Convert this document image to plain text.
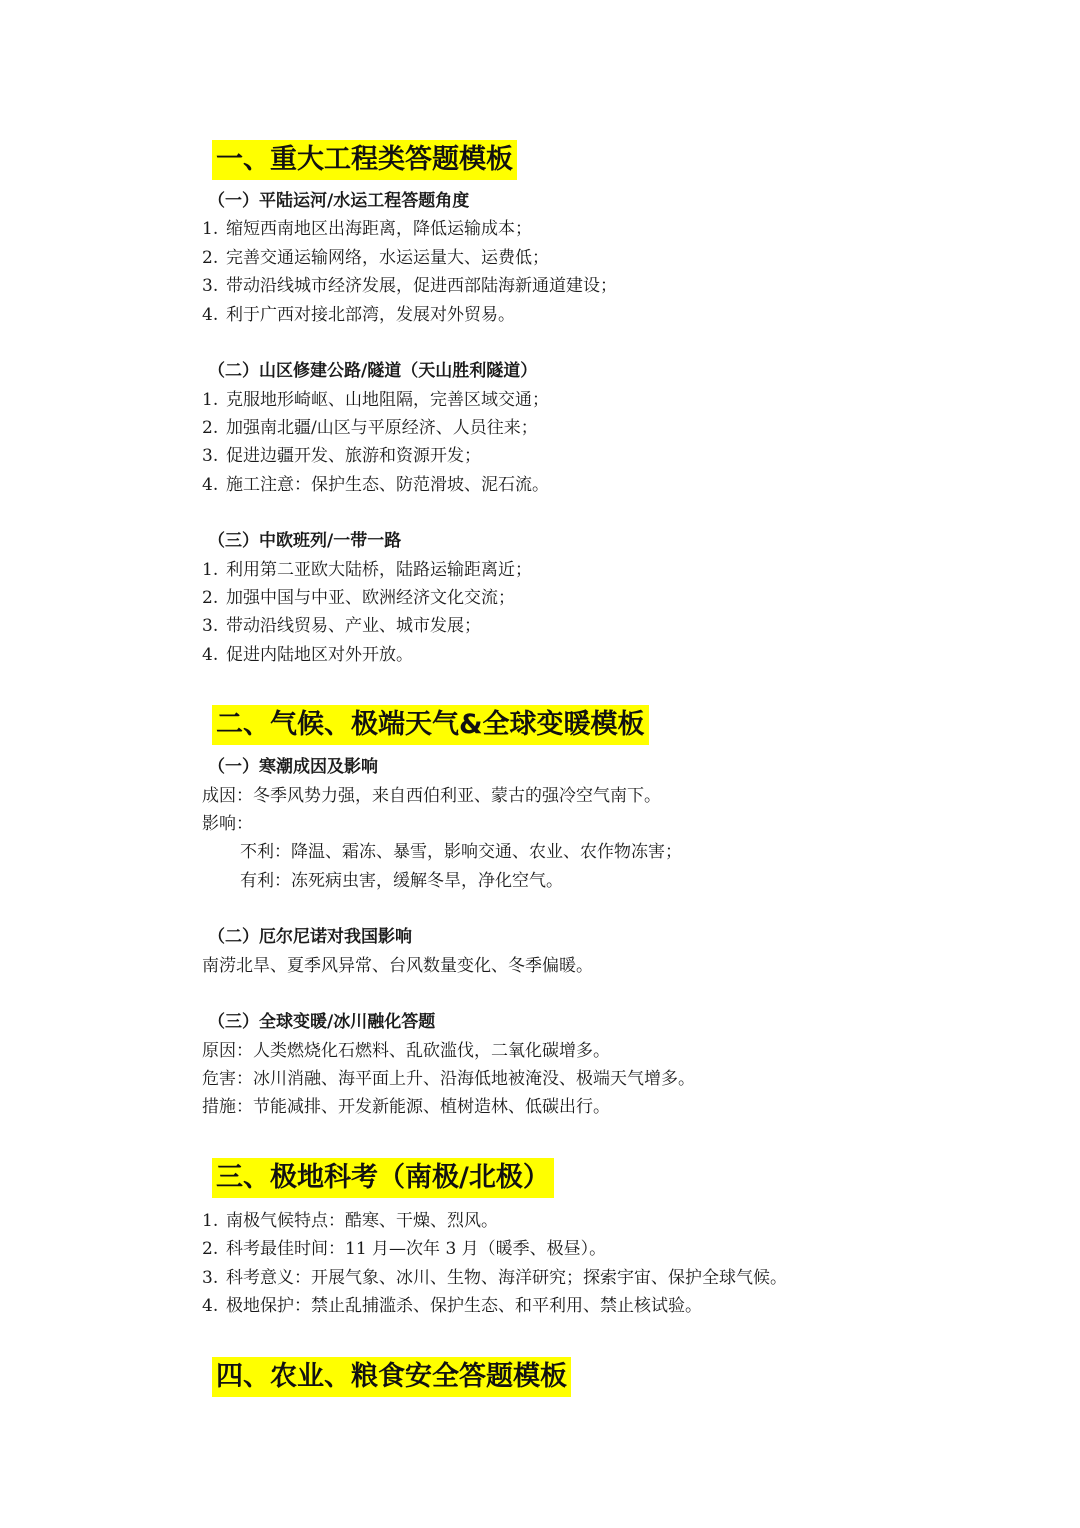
一、重大工程类答题模板
（一）平陆运河/水运工程答题角度
1. 缩短西南地区出海距离，降低运输成本；
2. 完善交通运输网络，水运运量大、运费低；
3. 带动沿线城市经济发展，促进西部陆海新通道建设；
4. 利于广西对接北部湾，发展对外贸易。
（二）山区修建公路/隧道（天山胜利隧道）
1. 克服地形崎岖、山地阻隔，完善区域交通；
2. 加强南北疆/山区与平原经济、人员往来；
3. 促进边疆开发、旅游和资源开发；
4. 施工注意：保护生态、防范滑坡、泥石流。
（三）中欧班列/一带一路
1. 利用第二亚欧大陆桥，陆路运输距离近；
2. 加强中国与中亚、欧洲经济文化交流；
3. 带动沿线贸易、产业、城市发展；
4. 促进内陆地区对外开放。
二、气候、极端天气&全球变暖模板
（一）寒潮成因及影响
成因：冬季风势力强，来自西伯利亚、蒙古的强冷空气南下。
影响：
不利：降温、霜冻、暴雪，影响交通、农业、农作物冻害；
有利：冻死病虫害，缓解冬旱，净化空气。
（二）厄尔尼诺对我国影响
南涝北旱、夏季风异常、台风数量变化、冬季偏暖。
（三）全球变暖/冰川融化答题
原因：人类燃烧化石燃料、乱砍滥伐，二氧化碳增多。
危害：冰川消融、海平面上升、沿海低地被淹没、极端天气增多。
措施：节能减排、开发新能源、植树造林、低碳出行。
三、极地科考（南极/北极）
1. 南极气候特点：酷寒、干燥、烈风。
2. 科考最佳时间：11 月—次年 3 月（暖季、极昼）。
3. 科考意义：开展气象、冰川、生物、海洋研究；探索宇宙、保护全球气候。
4. 极地保护：禁止乱捕滥杀、保护生态、和平利用、禁止核试验。
四、农业、粮食安全答题模板
